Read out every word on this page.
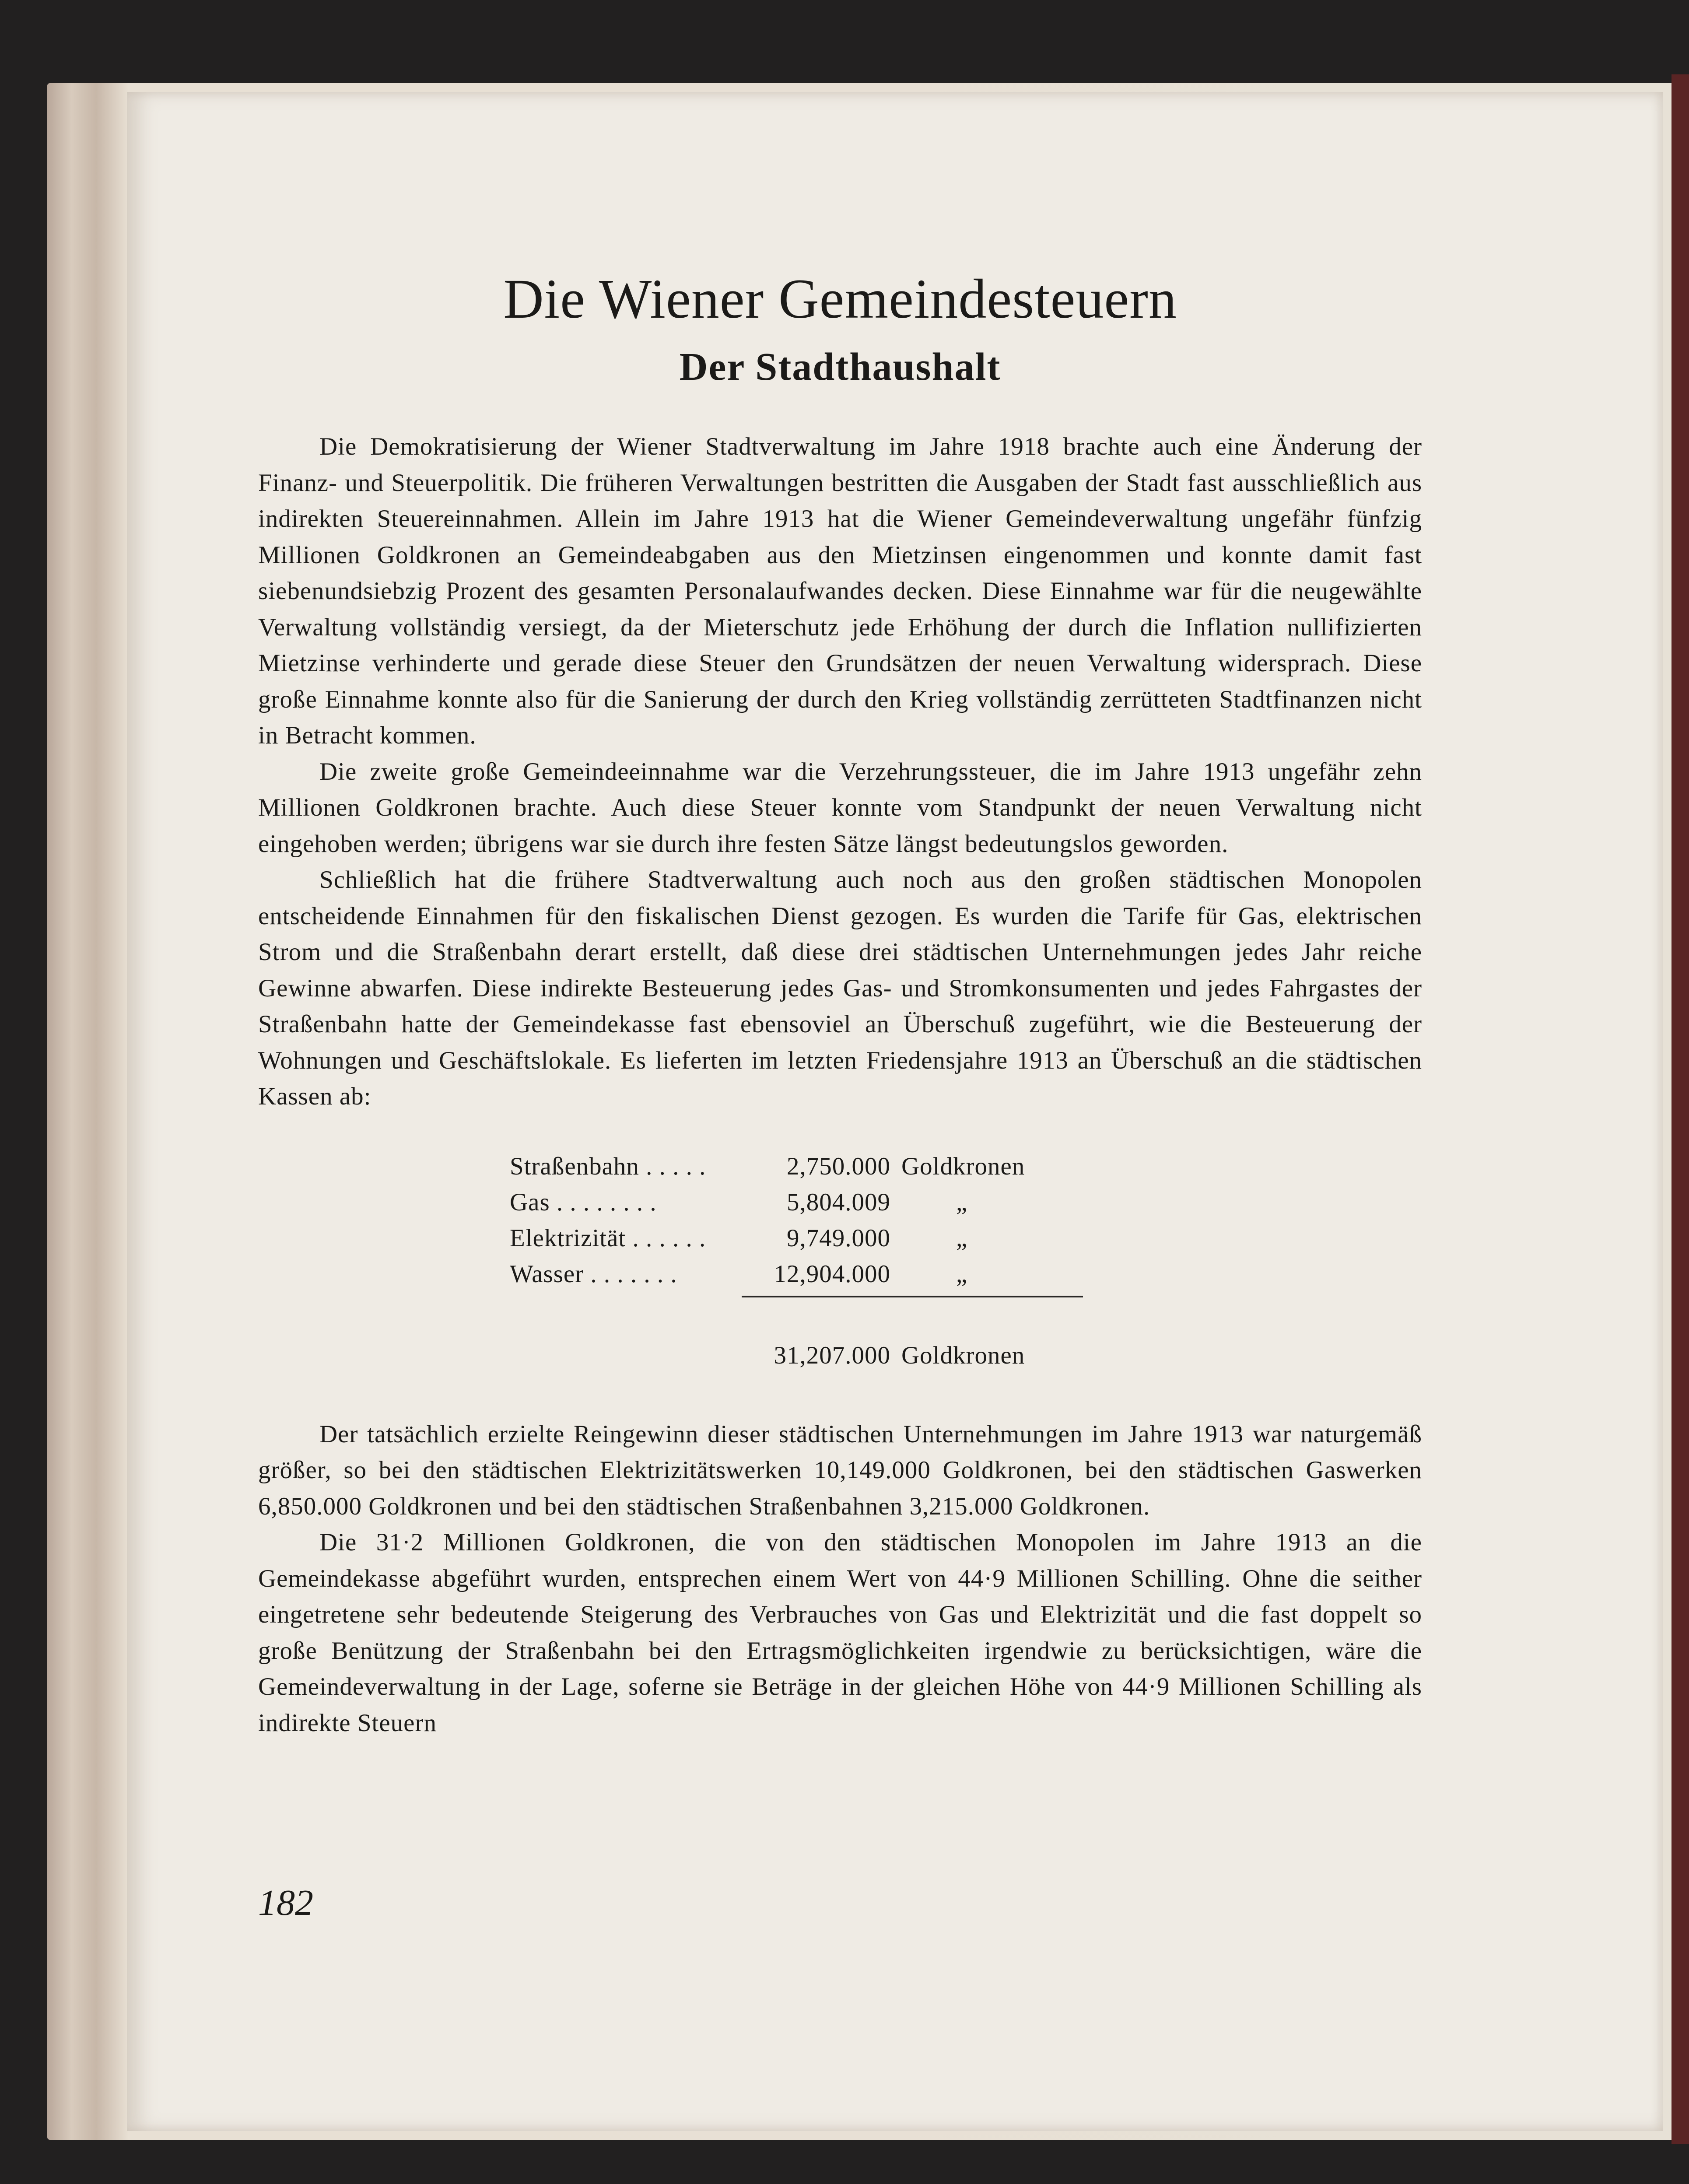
Die Wiener Gemeindesteuern
Der Stadthaushalt

Die Demokratisierung der Wiener Stadtverwaltung im Jahre 1918 brachte auch eine Änderung der Finanz- und Steuerpolitik. Die früheren Verwaltungen bestritten die Ausgaben der Stadt fast ausschließlich aus indirekten Steuereinnahmen. Allein im Jahre 1913 hat die Wiener Gemeindeverwaltung ungefähr fünfzig Millionen Goldkronen an Gemeindeabgaben aus den Mietzinsen eingenommen und konnte damit fast siebenundsiebzig Prozent des gesamten Personalaufwandes decken. Diese Einnahme war für die neugewählte Verwaltung vollständig versiegt, da der Mieterschutz jede Erhöhung der durch die Inflation nullifizierten Mietzinse verhinderte und gerade diese Steuer den Grundsätzen der neuen Verwaltung widersprach. Diese große Einnahme konnte also für die Sanierung der durch den Krieg vollständig zerrütteten Stadtfinanzen nicht in Betracht kommen.

Die zweite große Gemeindeeinnahme war die Verzehrungssteuer, die im Jahre 1913 ungefähr zehn Millionen Goldkronen brachte. Auch diese Steuer konnte vom Standpunkt der neuen Verwaltung nicht eingehoben werden; übrigens war sie durch ihre festen Sätze längst bedeutungslos geworden.

Schließlich hat die frühere Stadtverwaltung auch noch aus den großen städtischen Monopolen entscheidende Einnahmen für den fiskalischen Dienst gezogen. Es wurden die Tarife für Gas, elektrischen Strom und die Straßenbahn derart erstellt, daß diese drei städtischen Unternehmungen jedes Jahr reiche Gewinne abwarfen. Diese indirekte Besteuerung jedes Gas- und Stromkonsumenten und jedes Fahrgastes der Straßenbahn hatte der Gemeindekasse fast ebensoviel an Überschuß zugeführt, wie die Besteuerung der Wohnungen und Geschäftslokale. Es lieferten im letzten Friedensjahre 1913 an Überschuß an die städtischen Kassen ab:

Straßenbahn . . . . .	2,750.000	Goldkronen
Gas . . . . . . . .	5,804.009	„
Elektrizität . . . . . .	9,749.000	„
Wasser . . . . . . .	12,904.000	„

	31,207.000	Goldkronen

Der tatsächlich erzielte Reingewinn dieser städtischen Unternehmungen im Jahre 1913 war naturgemäß größer, so bei den städtischen Elektrizitätswerken 10,149.000 Goldkronen, bei den städtischen Gaswerken 6,850.000 Goldkronen und bei den städtischen Straßenbahnen 3,215.000 Goldkronen.

Die 31·2 Millionen Goldkronen, die von den städtischen Monopolen im Jahre 1913 an die Gemeindekasse abgeführt wurden, entsprechen einem Wert von 44·9 Millionen Schilling. Ohne die seither eingetretene sehr bedeutende Steigerung des Verbrauches von Gas und Elektrizität und die fast doppelt so große Benützung der Straßenbahn bei den Ertragsmöglichkeiten irgendwie zu berücksichtigen, wäre die Gemeindeverwaltung in der Lage, soferne sie Beträge in der gleichen Höhe von 44·9 Millionen Schilling als indirekte Steuern

182
